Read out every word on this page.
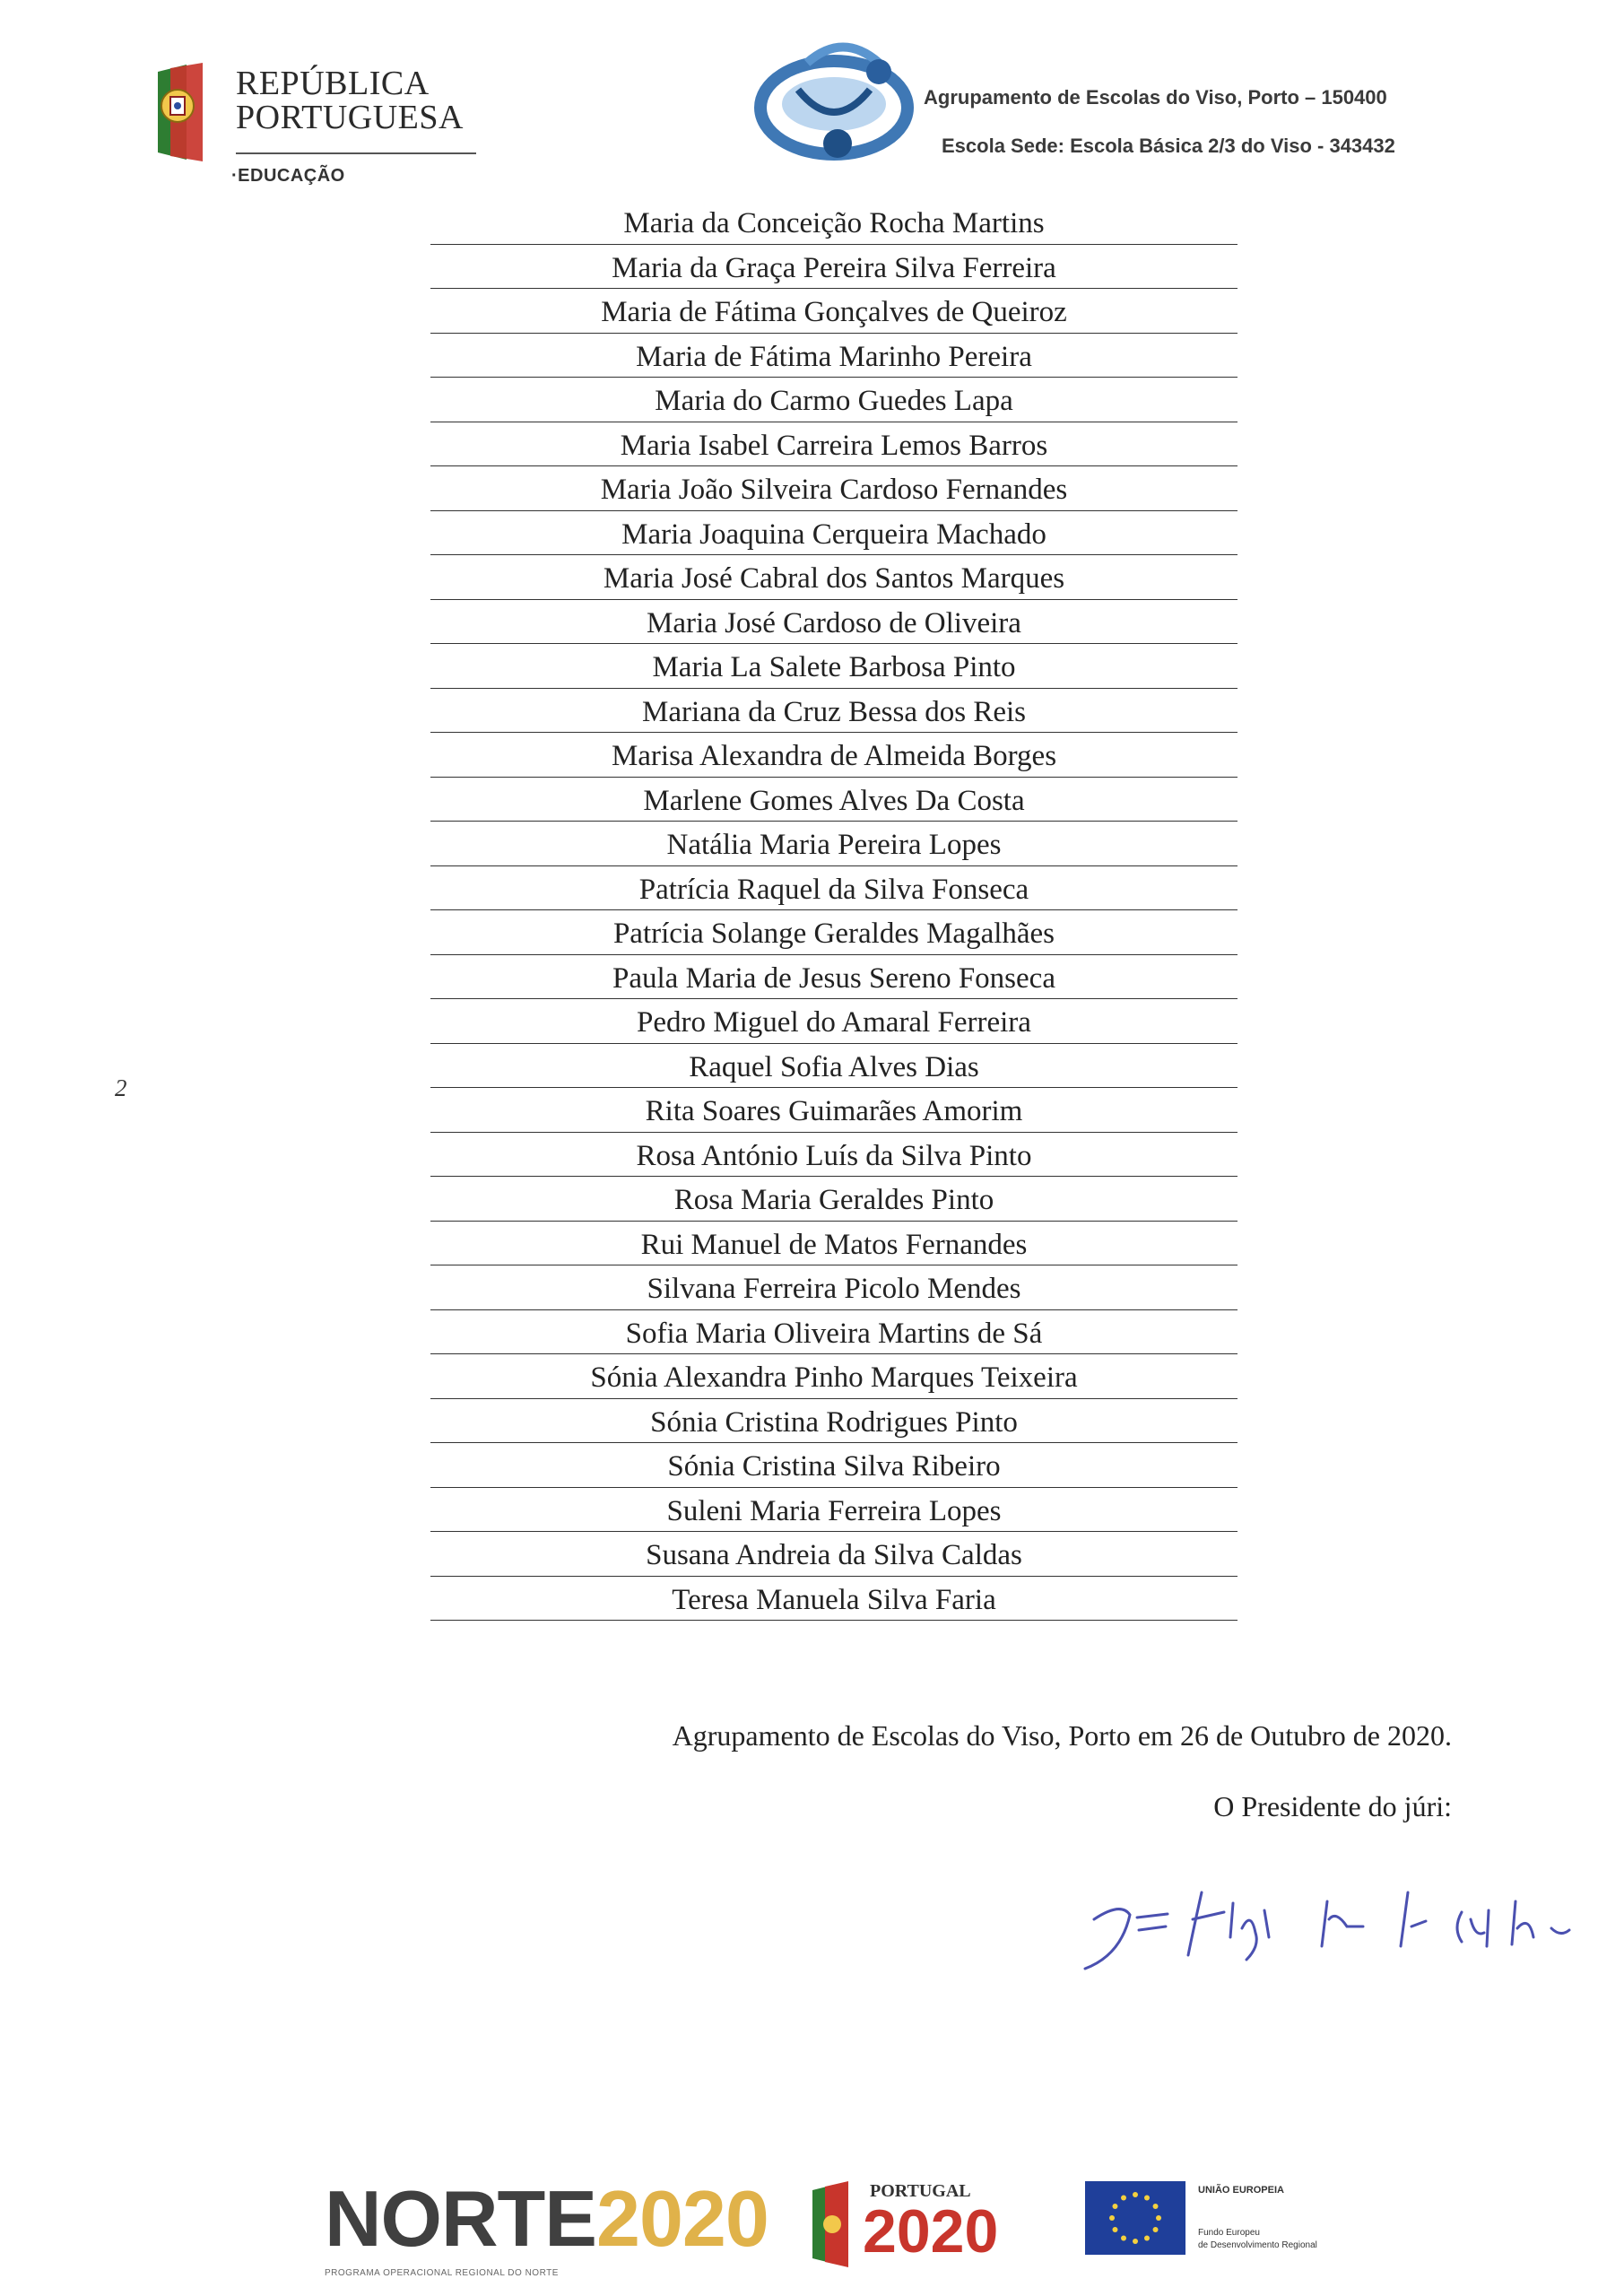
REPÚBLICA
PORTUGUESA
·EDUCAÇÃO
Agrupamento de Escolas do Viso, Porto – 150400
Escola Sede: Escola Básica 2/3 do Viso - 343432
Maria da Conceição Rocha Martins
Maria da Graça Pereira Silva Ferreira
Maria de Fátima Gonçalves de Queiroz
Maria de Fátima Marinho Pereira
Maria do Carmo Guedes Lapa
Maria Isabel Carreira Lemos Barros
Maria João Silveira Cardoso Fernandes
Maria Joaquina Cerqueira Machado
Maria José Cabral dos Santos Marques
Maria José Cardoso de Oliveira
Maria La Salete Barbosa Pinto
Mariana da Cruz Bessa dos Reis
Marisa Alexandra de Almeida Borges
Marlene Gomes Alves Da Costa
Natália Maria Pereira Lopes
Patrícia Raquel da Silva Fonseca
Patrícia Solange Geraldes Magalhães
Paula Maria de Jesus Sereno Fonseca
Pedro Miguel do Amaral Ferreira
Raquel Sofia Alves Dias
Rita Soares Guimarães Amorim
Rosa António Luís da Silva Pinto
Rosa Maria Geraldes Pinto
Rui Manuel de Matos Fernandes
Silvana Ferreira Picolo Mendes
Sofia Maria Oliveira Martins de Sá
Sónia Alexandra Pinho Marques Teixeira
Sónia Cristina Rodrigues Pinto
Sónia Cristina Silva Ribeiro
Suleni Maria Ferreira Lopes
Susana Andreia da Silva Caldas
Teresa Manuela Silva Faria
2
Agrupamento de Escolas do Viso, Porto em 26 de Outubro de 2020.
O Presidente do júri:
NORTE2020
PROGRAMA OPERACIONAL REGIONAL DO NORTE
PORTUGAL
2020
UNIÃO EUROPEIA
Fundo Europeu
de Desenvolvimento Regional
